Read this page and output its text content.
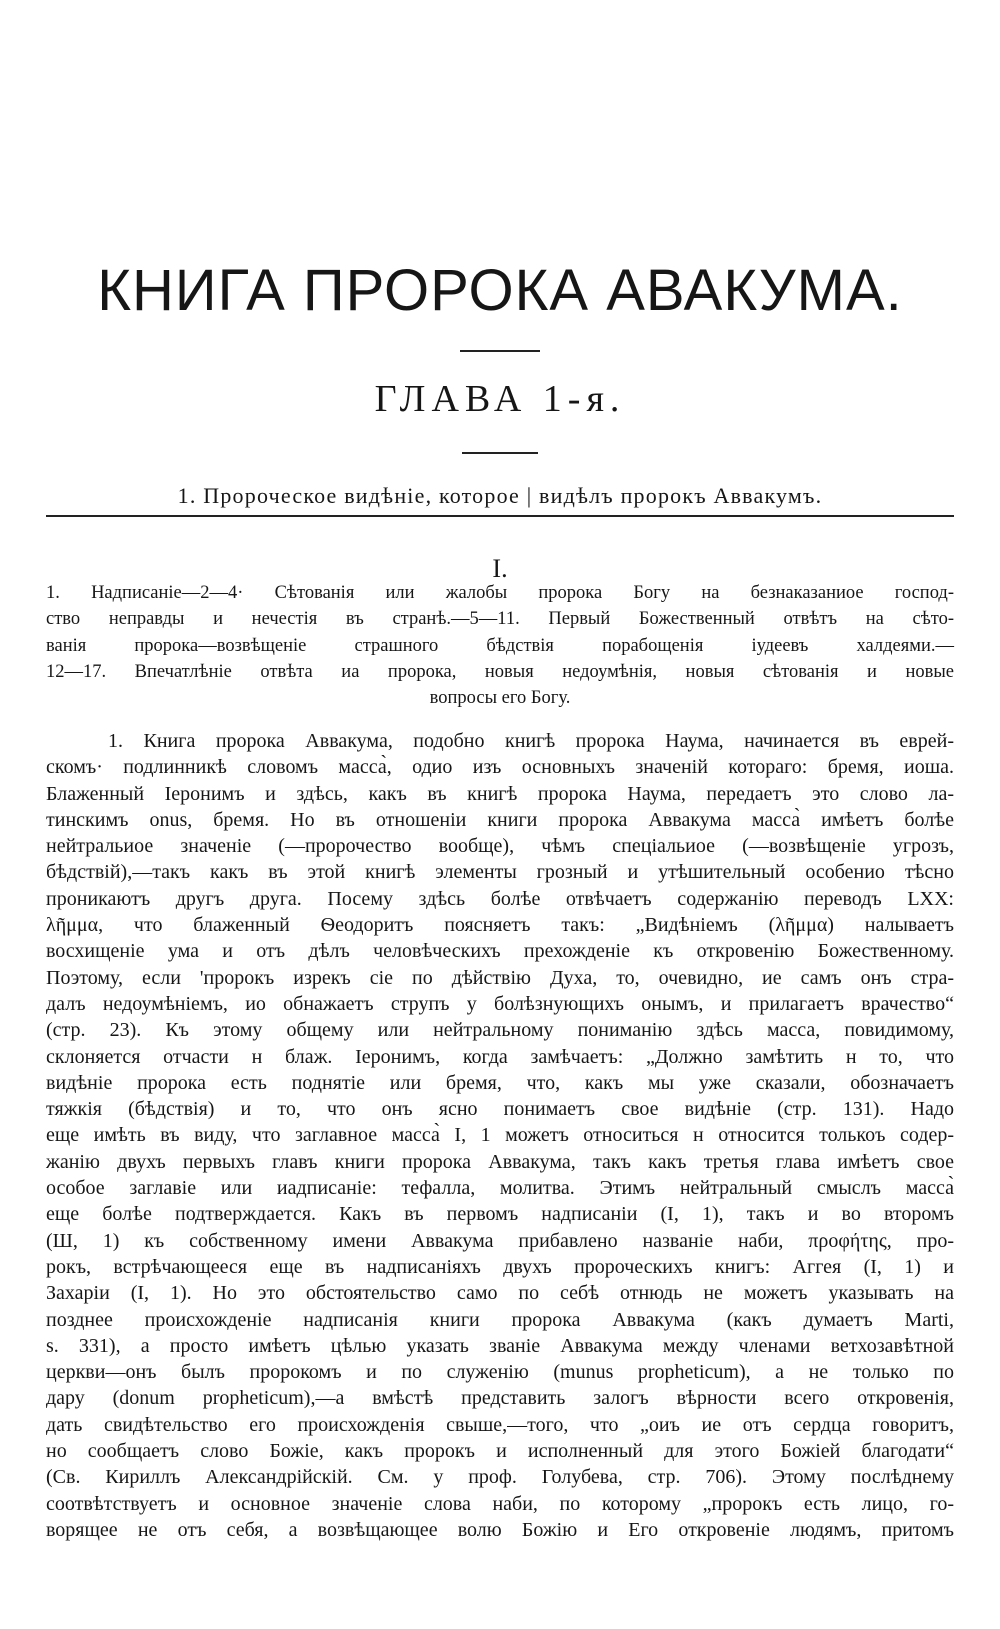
КНИГА ПРОРОКА АВАКУМА.
ГЛАВА 1-я.
1. Пророческое видѣніе, которое | видѣлъ пророкъ Аввакумъ.
I.
1. Надписаніе—2—4· Сѣтованія или жалобы пророка Богу на безнаказаниое господ-
ство неправды и нечестія въ странѣ.—5—11. Первый Божественный отвѣтъ на сѣто-
ванія пророка—возвѣщеніе страшного бѣдствія порабощенія іудеевъ халдеями.—
12—17. Впечатлѣніе отвѣта иа пророка, новыя недоумѣнія, новыя сѣтованія и новые
вопросы его Богу.
1. Книга пророка Аввакума, подобно книгѣ пророка Наума, начинается въ еврей-
скомъ· подлинникѣ словомъ масса̀, одио изъ основныхъ значеній котораго: бремя, иоша.
Блаженный Іеронимъ и здѣсь, какъ въ книгѣ пророка Наума, передаетъ это слово ла-
тинскимъ onus, бремя. Но въ отношеніи книги пророка Аввакума масса̀ имѣетъ болѣе
нейтральиое значеніе (—пророчество вообще), чѣмъ спеціальиое (—возвѣщеніе угрозъ,
бѣдствій),—такъ какъ въ этой книгѣ элементы грозный и утѣшительный особенио тѣсно
проникаютъ другъ друга. Посему здѣсь болѣе отвѣчаетъ содержанію переводъ LXX:
λῆμμα, что блаженный Ѳеодоритъ поясняетъ такъ: „Видѣніемъ (λῆμμα) налываетъ
восхищеніе ума и отъ дѣлъ человѣческихъ прехожденіе къ откровенію Божественному.
Поэтому, если 'пророкъ изрекъ сіе по дѣйствію Духа, то, очевидно, ие самъ онъ стра-
далъ недоумѣніемъ, ио обнажаетъ струпъ у болѣзнующихъ онымъ, и прилагаетъ врачество“
(стр. 23). Къ этому общему или нейтральному пониманію здѣсь масса, повидимому,
склоняется отчасти н блаж. Іеронимъ, когда замѣчаетъ: „Должно замѣтить н то, что
видѣніе пророка есть поднятіе или бремя, что, какъ мы уже сказали, обозначаетъ
тяжкія (бѣдствія) и то, что онъ ясно понимаетъ свое видѣніе (стр. 131). Надо
еще имѣть въ виду, что заглавное масса̀ I, 1 можетъ относиться н относится толькоъ содер-
жанію двухъ первыхъ главъ книги пророка Аввакума, такъ какъ третья глава имѣетъ свое
особое заглавіе или иадписаніе: тефалла, молитва. Этимъ нейтральный смыслъ масса̀
еще болѣе подтверждается. Какъ въ первомъ надписаніи (I, 1), такъ и во второмъ
(Ш, 1) къ собственному имени Аввакума прибавлено названіе наби, προφήτης, про-
рокъ, встрѣчающееся еще въ надписаніяхъ двухъ пророческихъ книгъ: Аггея (I, 1) и
Захаріи (I, 1). Но это обстоятельство само по себѣ отнюдь не можетъ указывать на
позднее происхожденіе надписанія книги пророка Аввакума (какъ думаетъ Marti,
s. 331), а просто имѣетъ цѣлью указать званіе Аввакума между членами ветхозавѣтной
церкви—онъ былъ пророкомъ и по служенію (munus propheticum), а не только по
дару (donum propheticum),—а вмѣстѣ представить залогъ вѣрности всего откровенія,
дать свидѣтельство его происхожденія свыше,—того, что „оиъ ие отъ сердца говоритъ,
но сообщаетъ слово Божіе, какъ пророкъ и исполненный для этого Божіей благодати“
(Св. Кириллъ Александрійскій. См. у проф. Голубева, стр. 706). Этому послѣднему
соотвѣтствуетъ и основное значеніе слова наби, по которому „пророкъ есть лицо, го-
ворящее не отъ себя, а возвѣщающее волю Божію и Его откровеніе людямъ, притомъ
